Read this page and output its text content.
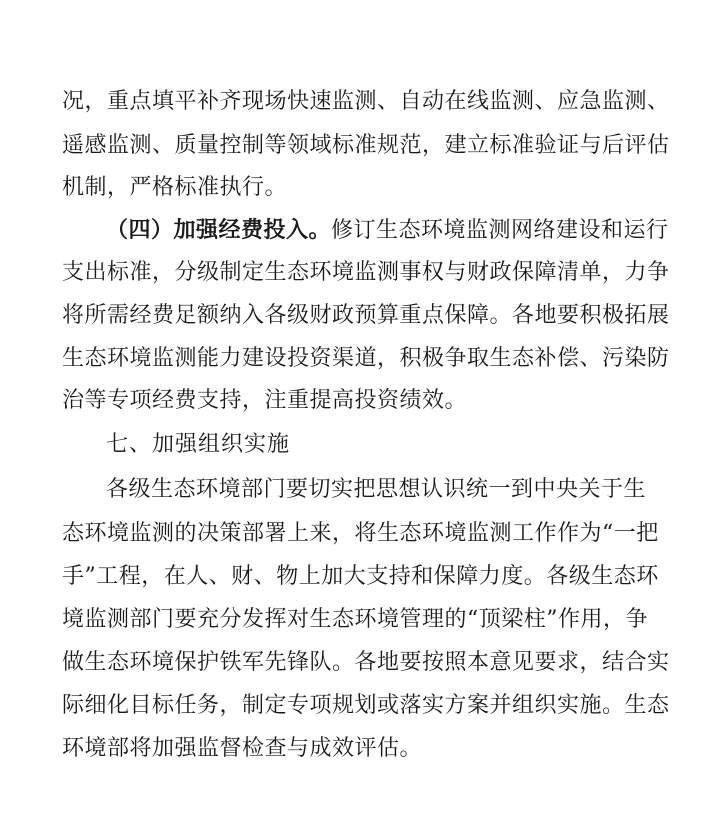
况，重点填平补齐现场快速监测、自动在线监测、应急监测、
遥感监测、质量控制等领域标准规范，建立标准验证与后评估
机制，严格标准执行。
（四）加强经费投入。修订生态环境监测网络建设和运行
支出标准，分级制定生态环境监测事权与财政保障清单，力争
将所需经费足额纳入各级财政预算重点保障。各地要积极拓展
生态环境监测能力建设投资渠道，积极争取生态补偿、污染防
治等专项经费支持，注重提高投资绩效。
七、加强组织实施
各级生态环境部门要切实把思想认识统一到中央关于生
态环境监测的决策部署上来，将生态环境监测工作作为“一把
手”工程，在人、财、物上加大支持和保障力度。各级生态环
境监测部门要充分发挥对生态环境管理的“顶梁柱”作用，争
做生态环境保护铁军先锋队。各地要按照本意见要求，结合实
际细化目标任务，制定专项规划或落实方案并组织实施。生态
环境部将加强监督检查与成效评估。
